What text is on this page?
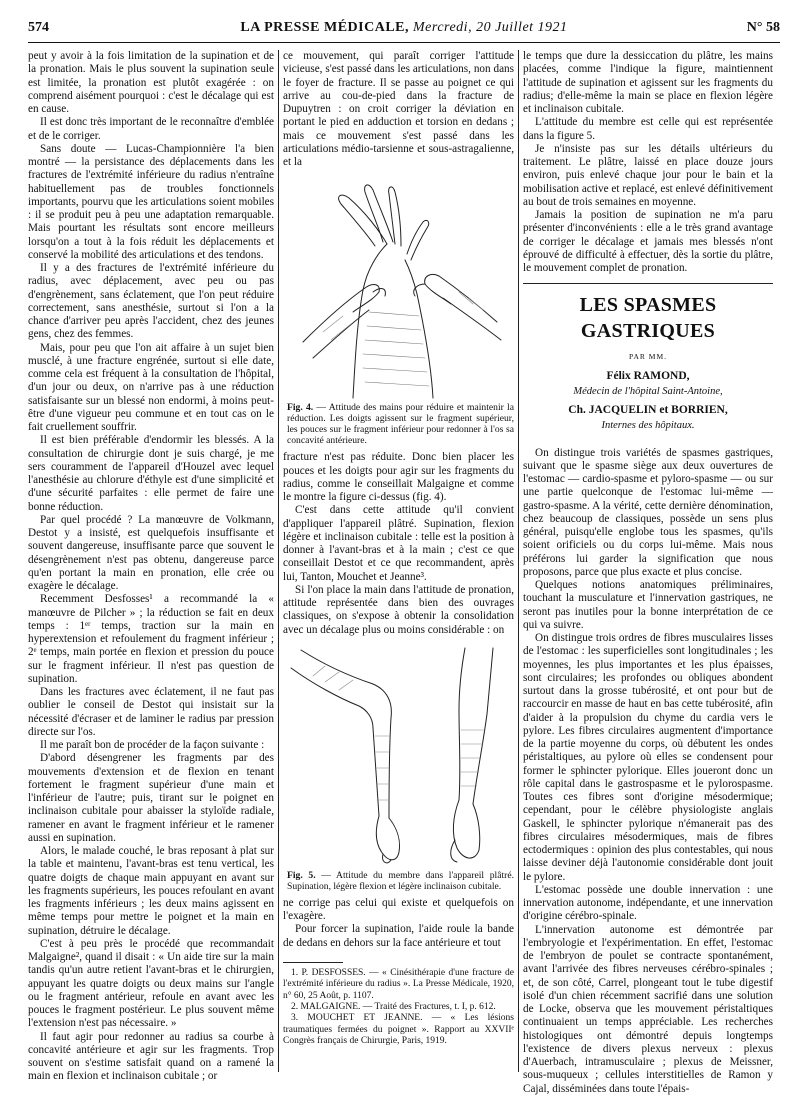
574	LA PRESSE MÉDICALE, Mercredi, 20 Juillet 1921	N° 58

peut y avoir à la fois limitation de la supination et de la pronation. Mais le plus souvent la supination seule est limitée, la pronation est plutôt exagérée : on comprend aisément pourquoi : c'est le décalage qui est en cause.

Il est donc très important de le reconnaître d'emblée et de le corriger.

Sans doute — Lucas-Championnière l'a bien montré — la persistance des déplacements dans les fractures de l'extrémité inférieure du radius n'entraîne habituellement pas de troubles fonctionnels importants, pourvu que les articulations soient mobiles : il se produit peu à peu une adaptation remarquable. Mais pourtant les résultats sont encore meilleurs lorsqu'on a tout à la fois réduit les déplacements et conservé la mobilité des articulations et des tendons.

Il y a des fractures de l'extrémité inférieure du radius, avec déplacement, avec peu ou pas d'engrènement, sans éclatement, que l'on peut réduire correctement, sans anesthésie, surtout si l'on a la chance d'arriver peu après l'accident, chez des jeunes gens, chez des femmes.

Mais, pour peu que l'on ait affaire à un sujet bien musclé, à une fracture engrénée, surtout si elle date, comme cela est fréquent à la consultation de l'hôpital, d'un jour ou deux, on n'arrive pas à une réduction satisfaisante sur un blessé non endormi, à moins peut-être d'une vigueur peu commune et en tout cas on le fait cruellement souffrir.

Il est bien préférable d'endormir les blessés. A la consultation de chirurgie dont je suis chargé, je me sers couramment de l'appareil d'Houzel avec lequel l'anesthésie au chlorure d'éthyle est d'une simplicité et d'une sécurité parfaites : elle permet de faire une bonne réduction.

Par quel procédé ? La manœuvre de Volkmann, Destot y a insisté, est quelquefois insuffisante et souvent dangereuse, insuffisante parce que souvent le désengrènement n'est pas obtenu, dangereuse parce qu'en portant la main en pronation, elle crée ou exagère le décalage.

Recemment Desfosses¹ a recommandé la « manœuvre de Pilcher » ; la réduction se fait en deux temps : 1ᵉʳ temps, traction sur la main en hyperextension et refoulement du fragment inférieur ; 2ᵉ temps, main portée en flexion et pression du pouce sur le fragment inférieur. Il n'est pas question de supination.

Dans les fractures avec éclatement, il ne faut pas oublier le conseil de Destot qui insistait sur la nécessité d'écraser et de laminer le radius par pression directe sur l'os.

Il me paraît bon de procéder de la façon suivante :

D'abord désengrener les fragments par des mouvements d'extension et de flexion en tenant fortement le fragment supérieur d'une main et l'inférieur de l'autre; puis, tirant sur le poignet en inclinaison cubitale pour abaisser la styloïde radiale, ramener en avant le fragment inférieur et le ramener aussi en supination.

Alors, le malade couché, le bras reposant à plat sur la table et maintenu, l'avant-bras est tenu vertical, les quatre doigts de chaque main appuyant en avant sur les fragments supérieurs, les pouces refoulant en avant les fragments inférieurs ; les deux mains agissent en même temps pour mettre le poignet et la main en supination, détruire le décalage.

C'est à peu près le procédé que recommandait Malgaigne², quand il disait : « Un aide tire sur la main tandis qu'un autre retient l'avant-bras et le chirurgien, appuyant les quatre doigts ou deux mains sur l'angle ou le fragment antérieur, refoule en avant avec les pouces le fragment postérieur. Le plus souvent même l'extension n'est pas nécessaire. »

Il faut agir pour redonner au radius sa courbe à concavité antérieure et agir sur les fragments. Trop souvent on s'estime satisfait quand on a ramené la main en flexion et inclinaison cubitale ; or

ce mouvement, qui paraît corriger l'attitude vicieuse, s'est passé dans les articulations, non dans le foyer de fracture. Il se passe au poignet ce qui arrive au cou-de-pied dans la fracture de Dupuytren : on croit corriger la déviation en portant le pied en adduction et torsion en dedans ; mais ce mouvement s'est passé dans les articulations médio-tarsienne et sous-astragalienne, et la

Fig. 4. — Attitude des mains pour réduire et maintenir la réduction. Les doigts agissent sur le fragment supérieur, les pouces sur le fragment inférieur pour redonner à l'os sa concavité antérieure.

fracture n'est pas réduite. Donc bien placer les pouces et les doigts pour agir sur les fragments du radius, comme le conseillait Malgaigne et comme le montre la figure ci-dessus (fig. 4).

C'est dans cette attitude qu'il convient d'appliquer l'appareil plâtré. Supination, flexion légère et inclinaison cubitale : telle est la position à donner à l'avant-bras et à la main ; c'est ce que conseillait Destot et ce que recommandent, après lui, Tanton, Mouchet et Jeanne³.

Si l'on place la main dans l'attitude de pronation, attitude représentée dans bien des ouvrages classiques, on s'expose à obtenir la consolidation avec un décalage plus ou moins considérable : on

Fig. 5. — Attitude du membre dans l'appareil plâtré. Supination, légère flexion et légère inclinaison cubitale.

ne corrige pas celui qui existe et quelquefois on l'exagère.

Pour forcer la supination, l'aide roule la bande de dedans en dehors sur la face antérieure et tout

1. P. DESFOSSES. — « Cinésithérapie d'une fracture de l'extrémité inférieure du radius ». La Presse Médicale, 1920, n° 60, 25 Août, p. 1107.

2. MALGAIGNE. — Traité des Fractures, t. I, p. 612.

3. MOUCHET ET JEANNE. — « Les lésions traumatiques fermées du poignet ». Rapport au XXVIIᵉ Congrès français de Chirurgie, Paris, 1919.

le temps que dure la dessiccation du plâtre, les mains placées, comme l'indique la figure, maintiennent l'attitude de supination et agissent sur les fragments du radius; d'elle-même la main se place en flexion légère et inclinaison cubitale.

L'attitude du membre est celle qui est représentée dans la figure 5.

Je n'insiste pas sur les détails ultérieurs du traitement. Le plâtre, laissé en place douze jours environ, puis enlevé chaque jour pour le bain et la mobilisation active et replacé, est enlevé définitivement au bout de trois semaines en moyenne.

Jamais la position de supination ne m'a paru présenter d'inconvénients : elle a le très grand avantage de corriger le décalage et jamais mes blessés n'ont éprouvé de difficulté à effectuer, dès la sortie du plâtre, le mouvement complet de pronation.

LES SPASMES GASTRIQUES
PAR MM.
Félix RAMOND,
Médecin de l'hôpital Saint-Antoine,
Ch. JACQUELIN et BORRIEN,
Internes des hôpitaux.

On distingue trois variétés de spasmes gastriques, suivant que le spasme siège aux deux ouvertures de l'estomac — cardio-spasme et pyloro-spasme — ou sur une partie quelconque de l'estomac lui-même — gastro-spasme. A la vérité, cette dernière dénomination, chez beaucoup de classiques, possède un sens plus général, puisqu'elle englobe tous les spasmes, qu'ils soient orificiels ou du corps lui-même. Mais nous préférons lui garder la signification que nous proposons, parce que plus exacte et plus concise.

Quelques notions anatomiques préliminaires, touchant la musculature et l'innervation gastriques, ne seront pas inutiles pour la bonne interprétation de ce qui va suivre.

On distingue trois ordres de fibres musculaires lisses de l'estomac : les superficielles sont longitudinales ; les moyennes, les plus importantes et les plus épaisses, sont circulaires; les profondes ou obliques abondent surtout dans la grosse tubérosité, et ont pour but de raccourcir en masse de haut en bas cette tubérosité, afin d'aider à la propulsion du chyme du cardia vers le pylore. Les fibres circulaires augmentent d'importance de la partie moyenne du corps, où débutent les ondes péristaltiques, au pylore où elles se condensent pour former le sphincter pylorique. Elles joueront donc un rôle capital dans le gastrospasme et le pylorospasme. Toutes ces fibres sont d'origine mésodermique; cependant, pour le célèbre physiologiste anglais Gaskell, le sphincter pylorique n'émanerait pas des fibres circulaires mésodermiques, mais de fibres ectodermiques : opinion des plus contestables, qui nous laisse deviner déjà l'autonomie considérable dont jouit le pylore.

L'estomac possède une double innervation : une innervation autonome, indépendante, et une innervation d'origine cérébro-spinale.

L'innervation autonome est démontrée par l'embryologie et l'expérimentation. En effet, l'estomac de l'embryon de poulet se contracte spontanément, avant l'arrivée des fibres nerveuses cérébro-spinales ; et, de son côté, Carrel, plongeant tout le tube digestif isolé d'un chien récemment sacrifié dans une solution de Locke, observa que les mouvement péristaltiques continuaient un temps appréciable. Les recherches histologiques ont démontré depuis longtemps l'existence de divers plexus nerveux : plexus d'Auerbach, intramusculaire ; plexus de Meissner, sous-muqueux ; cellules interstitielles de Ramon y Cajal, disséminées dans toute l'épais-
